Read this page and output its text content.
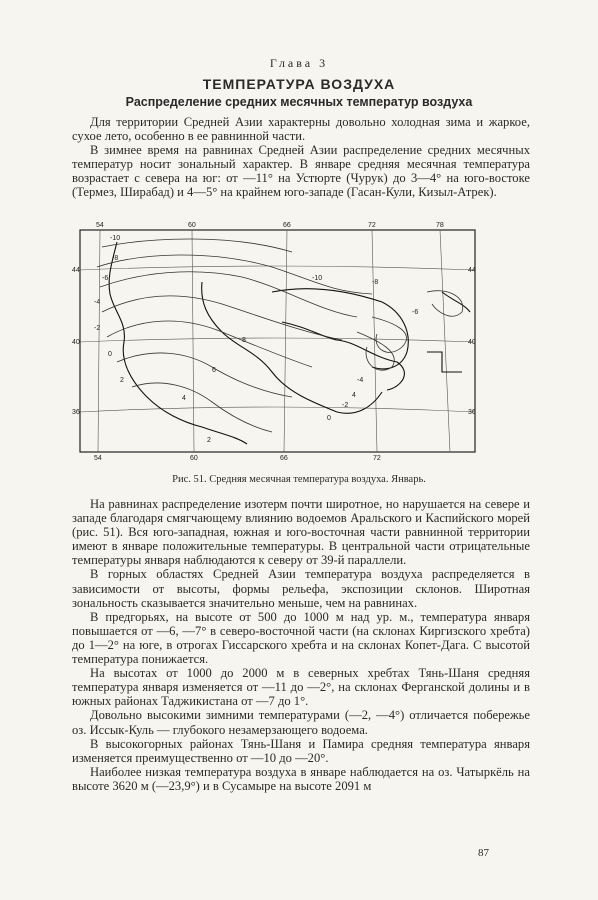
Глава 3
ТЕМПЕРАТУРА ВОЗДУХА
Распределение средних месячных температур воздуха

Для территории Средней Азии характерны довольно холодная зима и жаркое, сухое лето, особенно в ее равнинной части.

В зимнее время на равнинах Средней Азии распределение средних месячных температур носит зональный характер. В январе средняя месячная температура возрастает с севера на юг: от —11° на Устюрте (Чурук) до 3—4° на юго-востоке (Термез, Ширабад) и 4—5° на крайнем юго-западе (Гасан-Кули, Кизыл-Атрек).

54	60	66	72	78
54	60	66	72
44
40
36
44
40
36
-10
-8
-6
-4
-2
0
2
4
6
8
-10
-8
-6
-4
-2
0
2
4
Рис. 51. Средняя месячная температура воздуха. Январь.

На равнинах распределение изотерм почти широтное, но нарушается на севере и западе благодаря смягчающему влиянию водоемов Аральского и Каспийского морей (рис. 51). Вся юго-западная, южная и юго-восточная части равнинной территории имеют в январе положительные температуры. В центральной части отрицательные температуры января наблюдаются к северу от 39-й параллели.

В горных областях Средней Азии температура воздуха распределяется в зависимости от высоты, формы рельефа, экспозиции склонов. Широтная зональность сказывается значительно меньше, чем на равнинах.

В предгорьях, на высоте от 500 до 1000 м над ур. м., температура января повышается от —6, —7° в северо-восточной части (на склонах Киргизского хребта) до 1—2° на юге, в отрогах Гиссарского хребта и на склонах Копет-Дага. С высотой температура понижается.

На высотах от 1000 до 2000 м в северных хребтах Тянь-Шаня средняя температура января изменяется от —11 до —2°, на склонах Ферганской долины и в южных районах Таджикистана от —7 до 1°.

Довольно высокими зимними температурами (—2, —4°) отличается побережье оз. Иссык-Куль — глубокого незамерзающего водоема.

В высокогорных районах Тянь-Шаня и Памира средняя температура января изменяется преимущественно от —10 до —20°.

Наиболее низкая температура воздуха в январе наблюдается на оз. Чатыркёль на высоте 3620 м (—23,9°) и в Сусамыре на высоте 2091 м

87
